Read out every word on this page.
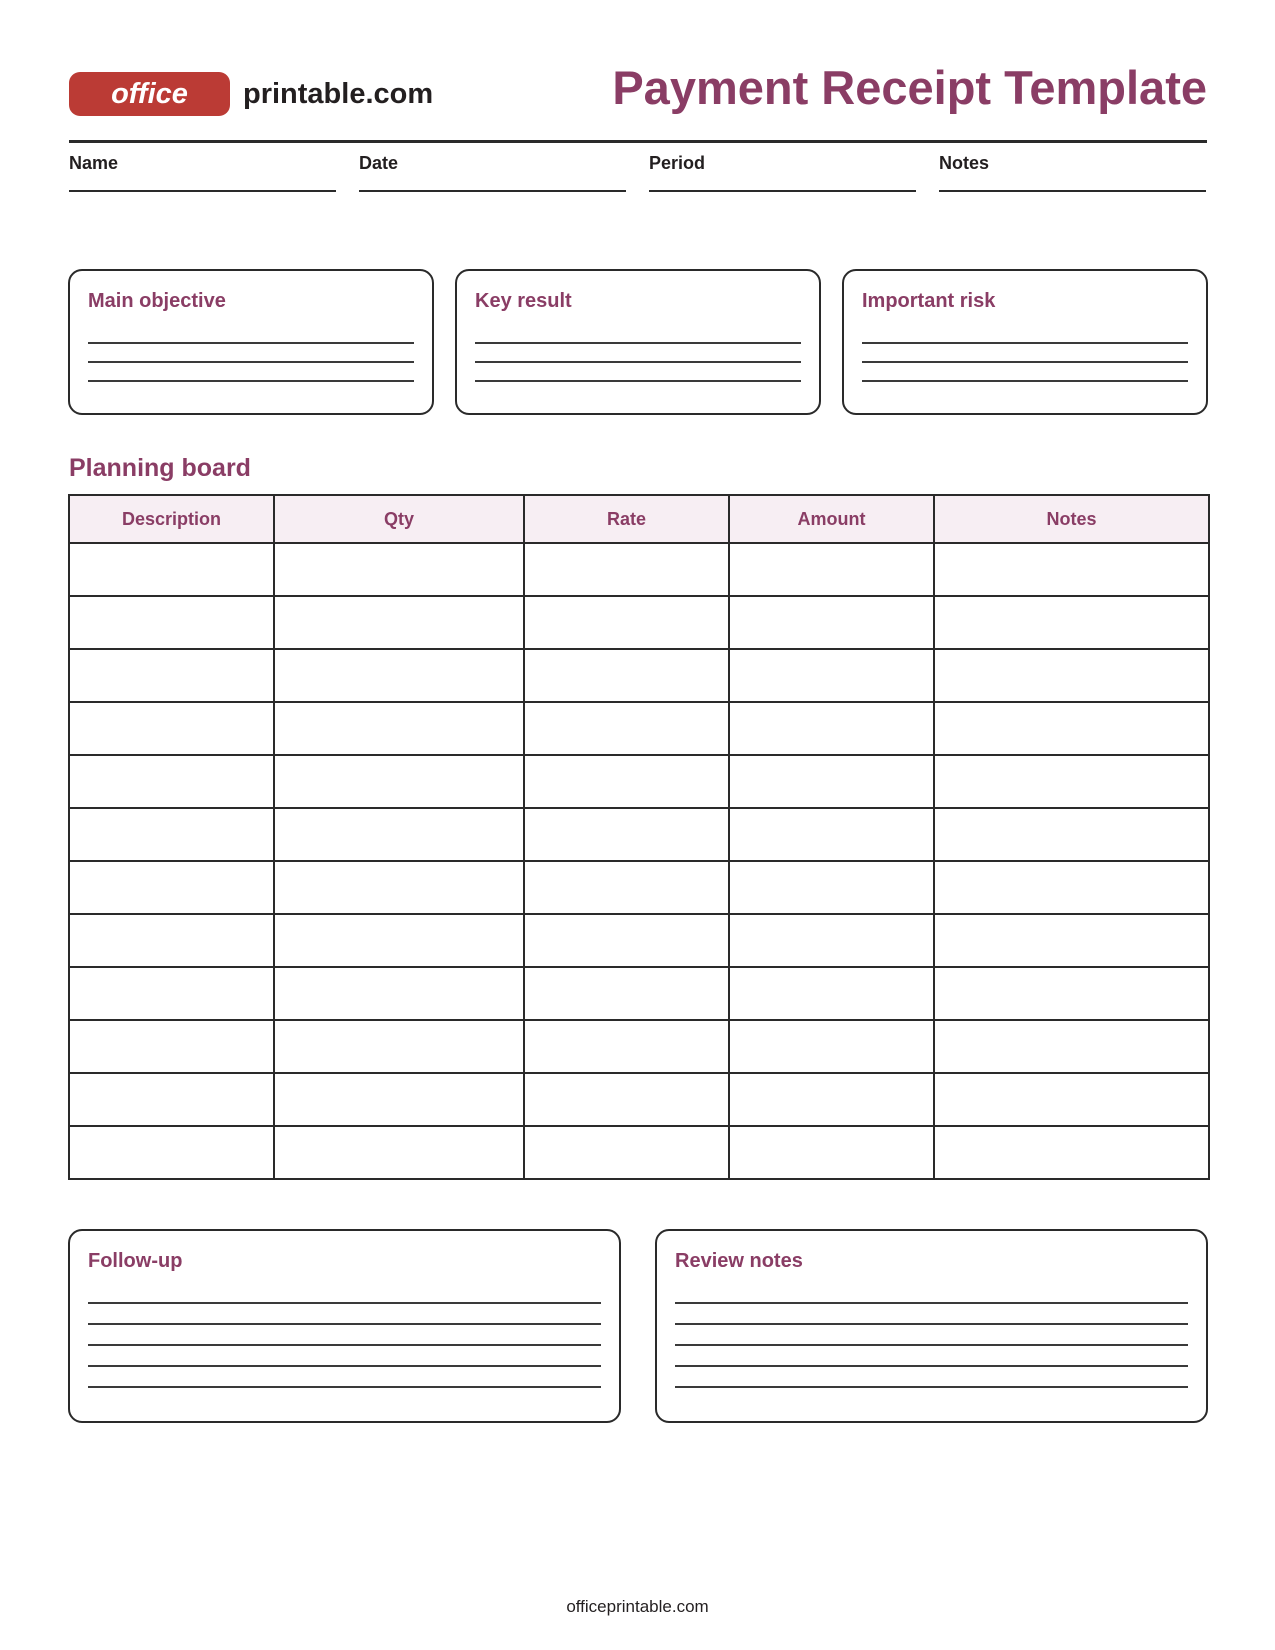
office	printable.com	Payment Receipt Template
Name	Date	Period	Notes
Main objective	Key result	Important risk
Planning board
Description	Qty	Rate	Amount	Notes

Follow-up	Review notes
officeprintable.com
